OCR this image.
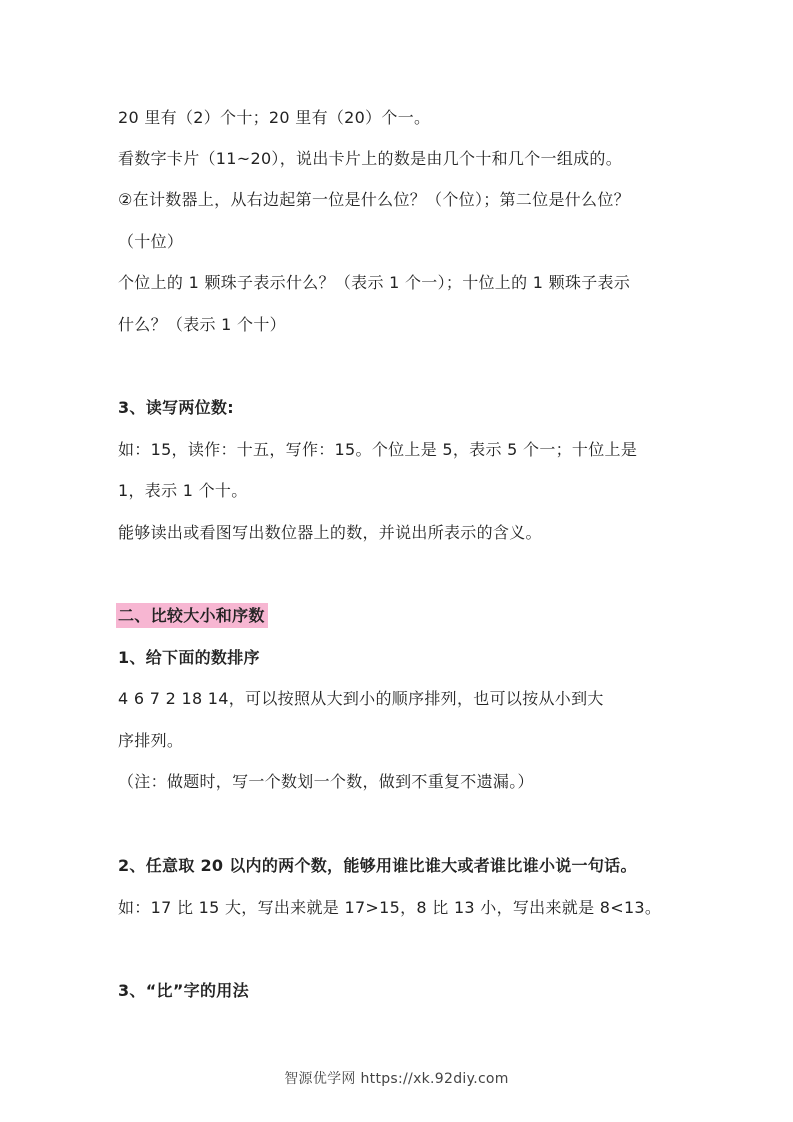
20 里有（2）个十；20 里有（20）个一。
看数字卡片（11~20），说出卡片上的数是由几个十和几个一组成的。
②在计数器上，从右边起第一位是什么位？（个位）；第二位是什么位？
（十位）
个位上的 1 颗珠子表示什么？（表示 1 个一）；十位上的 1 颗珠子表示
什么？（表示 1 个十）
3、读写两位数:
如：15，读作：十五，写作：15。个位上是 5，表示 5 个一；十位上是
1，表示 1 个十。
能够读出或看图写出数位器上的数，并说出所表示的含义。
二、比较大小和序数
1、给下面的数排序
4 6 7 2 18 14，可以按照从大到小的顺序排列，也可以按从小到大
序排列。
（注：做题时，写一个数划一个数，做到不重复不遗漏。）
2、任意取 20 以内的两个数，能够用谁比谁大或者谁比谁小说一句话。
如：17 比 15 大，写出来就是 17>15，8 比 13 小，写出来就是 8<13。
3、“比”字的用法
智源优学网 https://xk.92diy.com
